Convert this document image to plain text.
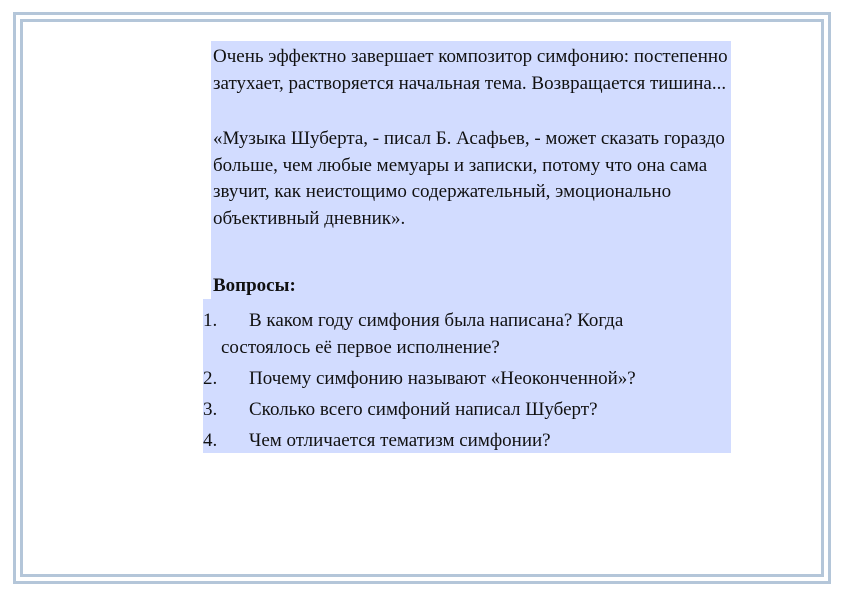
Очень эффектно завершает композитор симфонию: постепенно затухает, растворяется начальная тема. Возвращается тишина...
«Музыка Шуберта, - писал Б. Асафьев, - может сказать гораздо больше, чем любые мемуары и записки, потому что она сама звучит, как неистощимо содержательный, эмоционально объективный дневник».
Вопросы:
1. В каком году симфония была написана? Когда
состоялось её первое исполнение?
2. Почему симфонию называют «Неоконченной»?
3. Сколько всего симфоний написал Шуберт?
4. Чем отличается тематизм симфонии?
